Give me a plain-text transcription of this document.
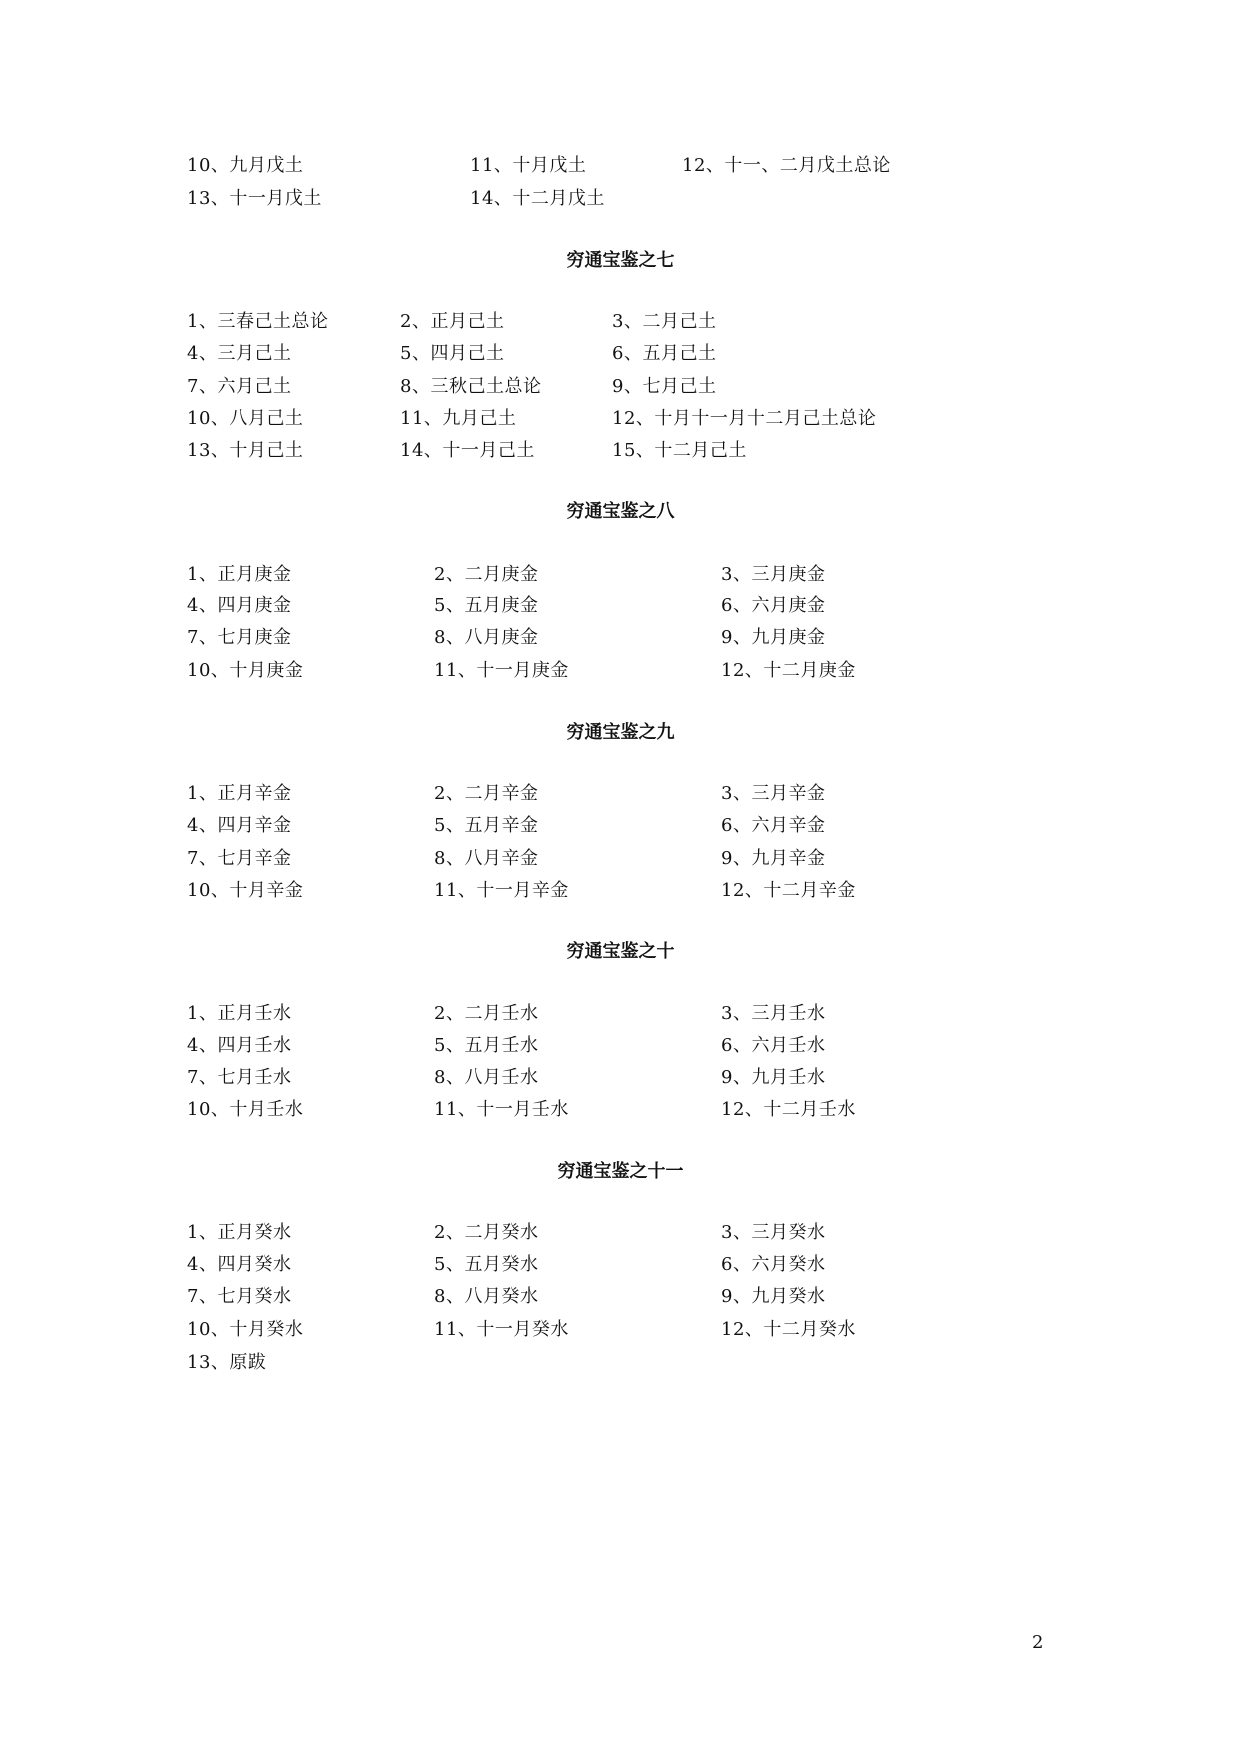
10、九月戊土	11、十月戊土	12、十一、二月戊土总论
13、十一月戊土	14、十二月戊土
穷通宝鉴之七
1、三春己土总论	2、正月己土	3、二月己土
4、三月己土	5、四月己土	6、五月己土
7、六月己土	8、三秋己土总论	9、七月己土
10、八月己土	11、九月己土	12、十月十一月十二月己土总论
13、十月己土	14、十一月己土	15、十二月己土
穷通宝鉴之八
1、正月庚金	2、二月庚金	3、三月庚金
4、四月庚金	5、五月庚金	6、六月庚金
7、七月庚金	8、八月庚金	9、九月庚金
10、十月庚金	11、十一月庚金	12、十二月庚金
穷通宝鉴之九
1、正月辛金	2、二月辛金	3、三月辛金
4、四月辛金	5、五月辛金	6、六月辛金
7、七月辛金	8、八月辛金	9、九月辛金
10、十月辛金	11、十一月辛金	12、十二月辛金
穷通宝鉴之十
1、正月壬水	2、二月壬水	3、三月壬水
4、四月壬水	5、五月壬水	6、六月壬水
7、七月壬水	8、八月壬水	9、九月壬水
10、十月壬水	11、十一月壬水	12、十二月壬水
穷通宝鉴之十一
1、正月癸水	2、二月癸水	3、三月癸水
4、四月癸水	5、五月癸水	6、六月癸水
7、七月癸水	8、八月癸水	9、九月癸水
10、十月癸水	11、十一月癸水	12、十二月癸水
13、原跋
2
